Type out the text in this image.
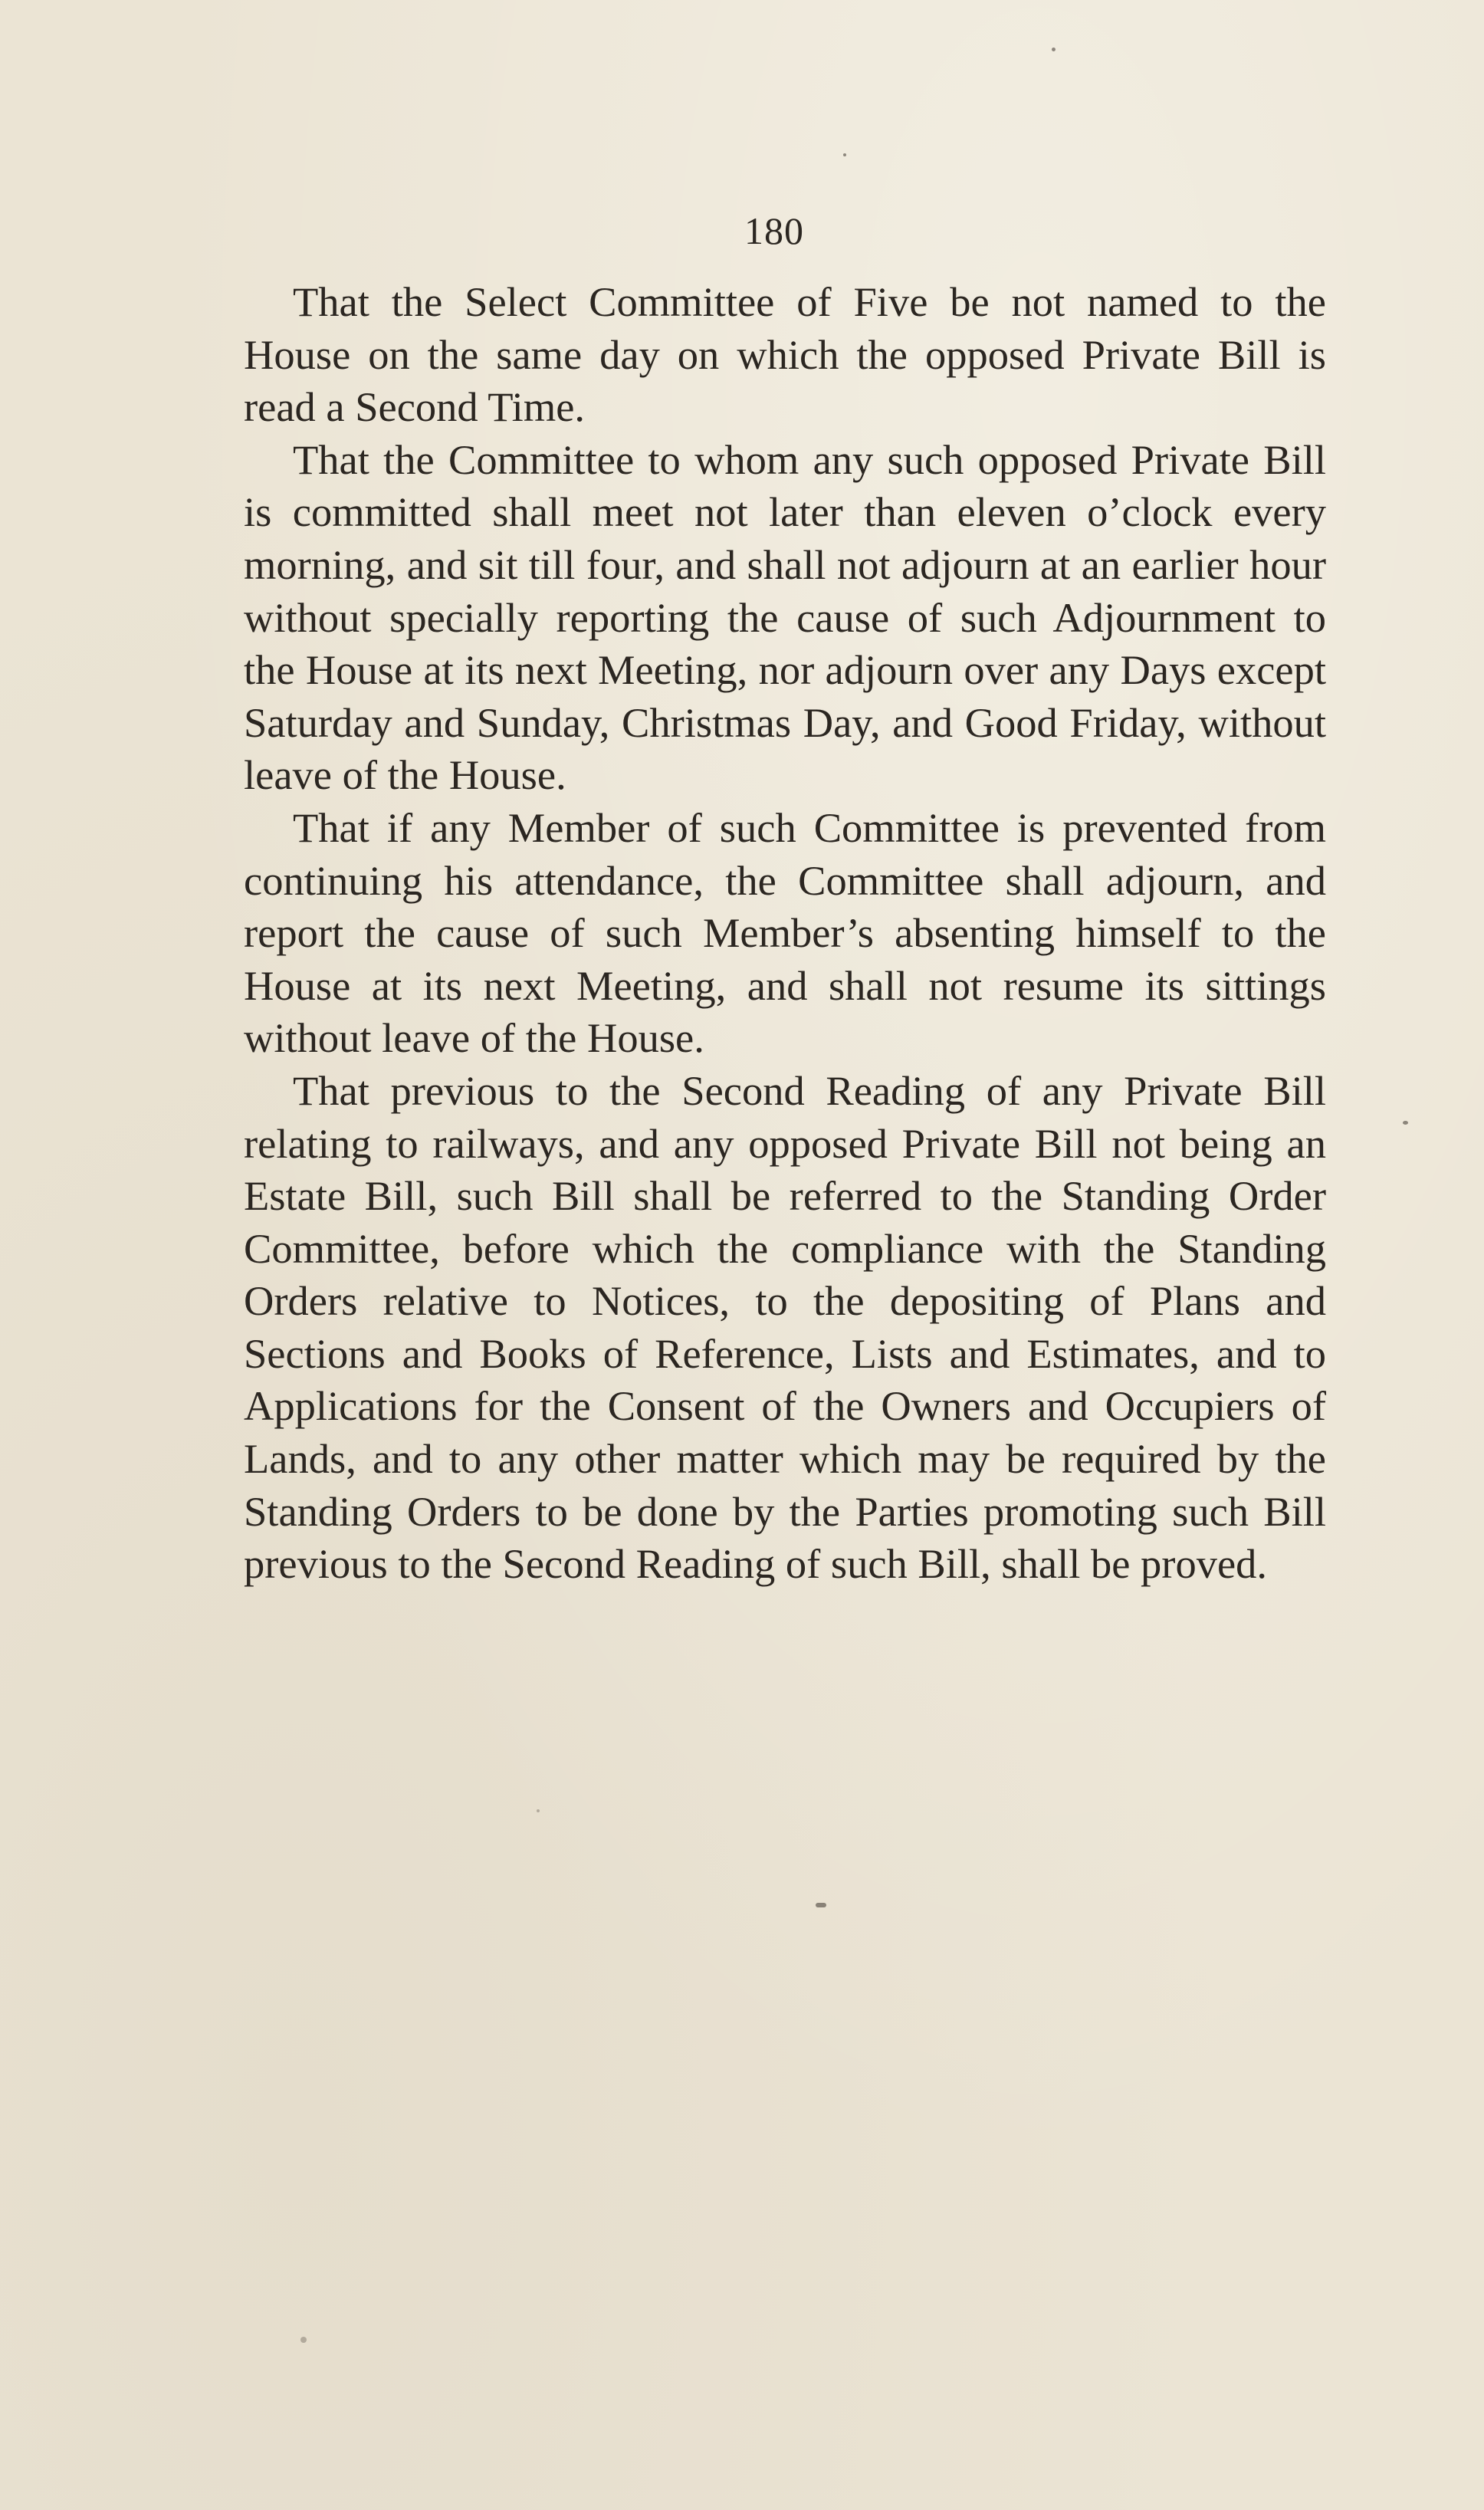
180

That the Select Committee of Five be not named to the House on the same day on which the opposed Private Bill is read a Second Time.

That the Committee to whom any such opposed Private Bill is committed shall meet not later than eleven o’clock every morning, and sit till four, and shall not adjourn at an earlier hour without specially reporting the cause of such Adjournment to the House at its next Meeting, nor adjourn over any Days except Saturday and Sunday, Christmas Day, and Good Friday, without leave of the House.

That if any Member of such Committee is prevented from continuing his attendance, the Committee shall adjourn, and report the cause of such Member’s absenting himself to the House at its next Meeting, and shall not resume its sittings without leave of the House.

That previous to the Second Reading of any Private Bill relating to railways, and any opposed Private Bill not being an Estate Bill, such Bill shall be referred to the Standing Order Committee, before which the compliance with the Standing Orders relative to Notices, to the depositing of Plans and Sections and Books of Reference, Lists and Estimates, and to Applications for the Consent of the Owners and Occupiers of Lands, and to any other matter which may be required by the Standing Orders to be done by the Parties promoting such Bill previous to the Second Reading of such Bill, shall be proved.
